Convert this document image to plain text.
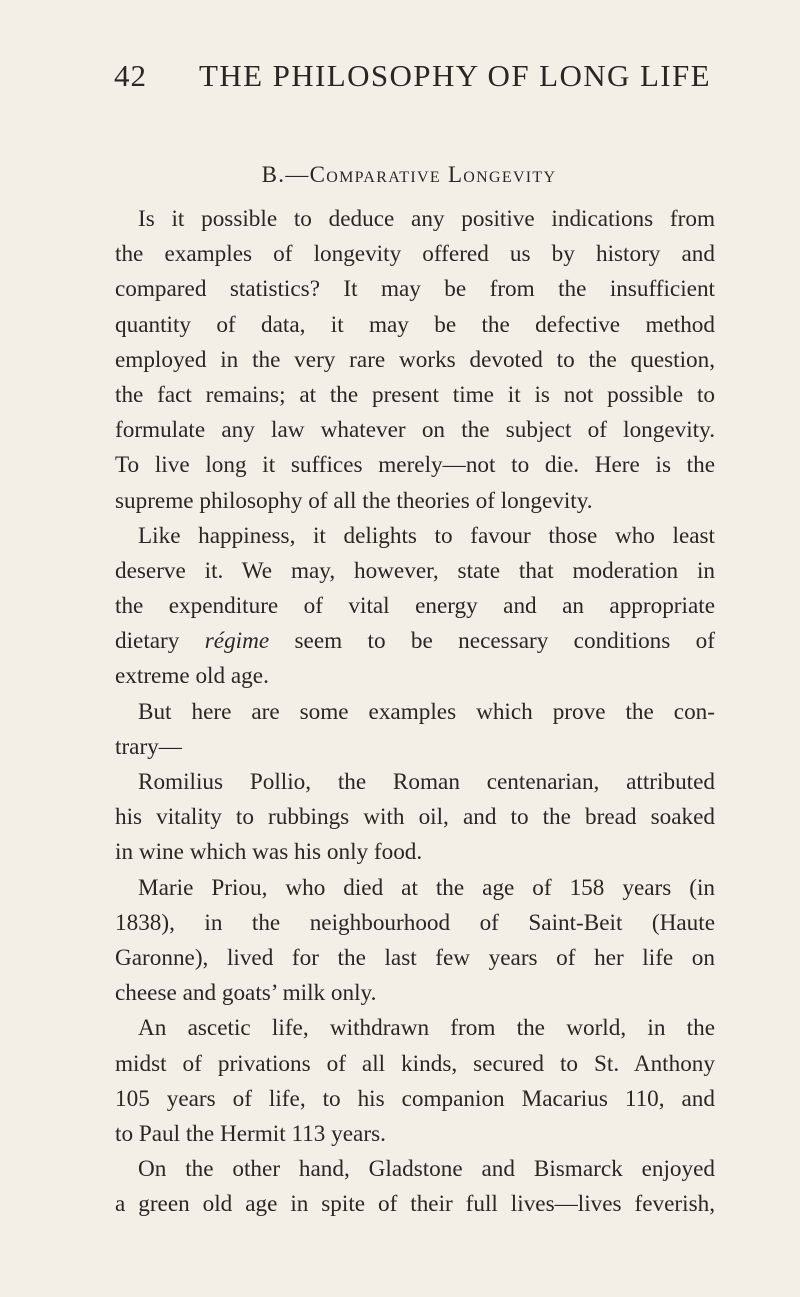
42 THE PHILOSOPHY OF LONG LIFE
B.—Comparative Longevity

Is it possible to deduce any positive indications from
the examples of longevity offered us by history and
compared statistics? It may be from the insufficient
quantity of data, it may be the defective method
employed in the very rare works devoted to the question,
the fact remains; at the present time it is not possible to
formulate any law whatever on the subject of longevity.
To live long it suffices merely—not to die. Here is the
supreme philosophy of all the theories of longevity.

Like happiness, it delights to favour those who least
deserve it. We may, however, state that moderation in
the expenditure of vital energy and an appropriate
dietary régime seem to be necessary conditions of
extreme old age.

But here are some examples which prove the con-
trary—

Romilius Pollio, the Roman centenarian, attributed
his vitality to rubbings with oil, and to the bread soaked
in wine which was his only food.

Marie Priou, who died at the age of 158 years (in
1838), in the neighbourhood of Saint-Beit (Haute
Garonne), lived for the last few years of her life on
cheese and goats’ milk only.

An ascetic life, withdrawn from the world, in the
midst of privations of all kinds, secured to St. Anthony
105 years of life, to his companion Macarius 110, and
to Paul the Hermit 113 years.

On the other hand, Gladstone and Bismarck enjoyed
a green old age in spite of their full lives—lives feverish,
